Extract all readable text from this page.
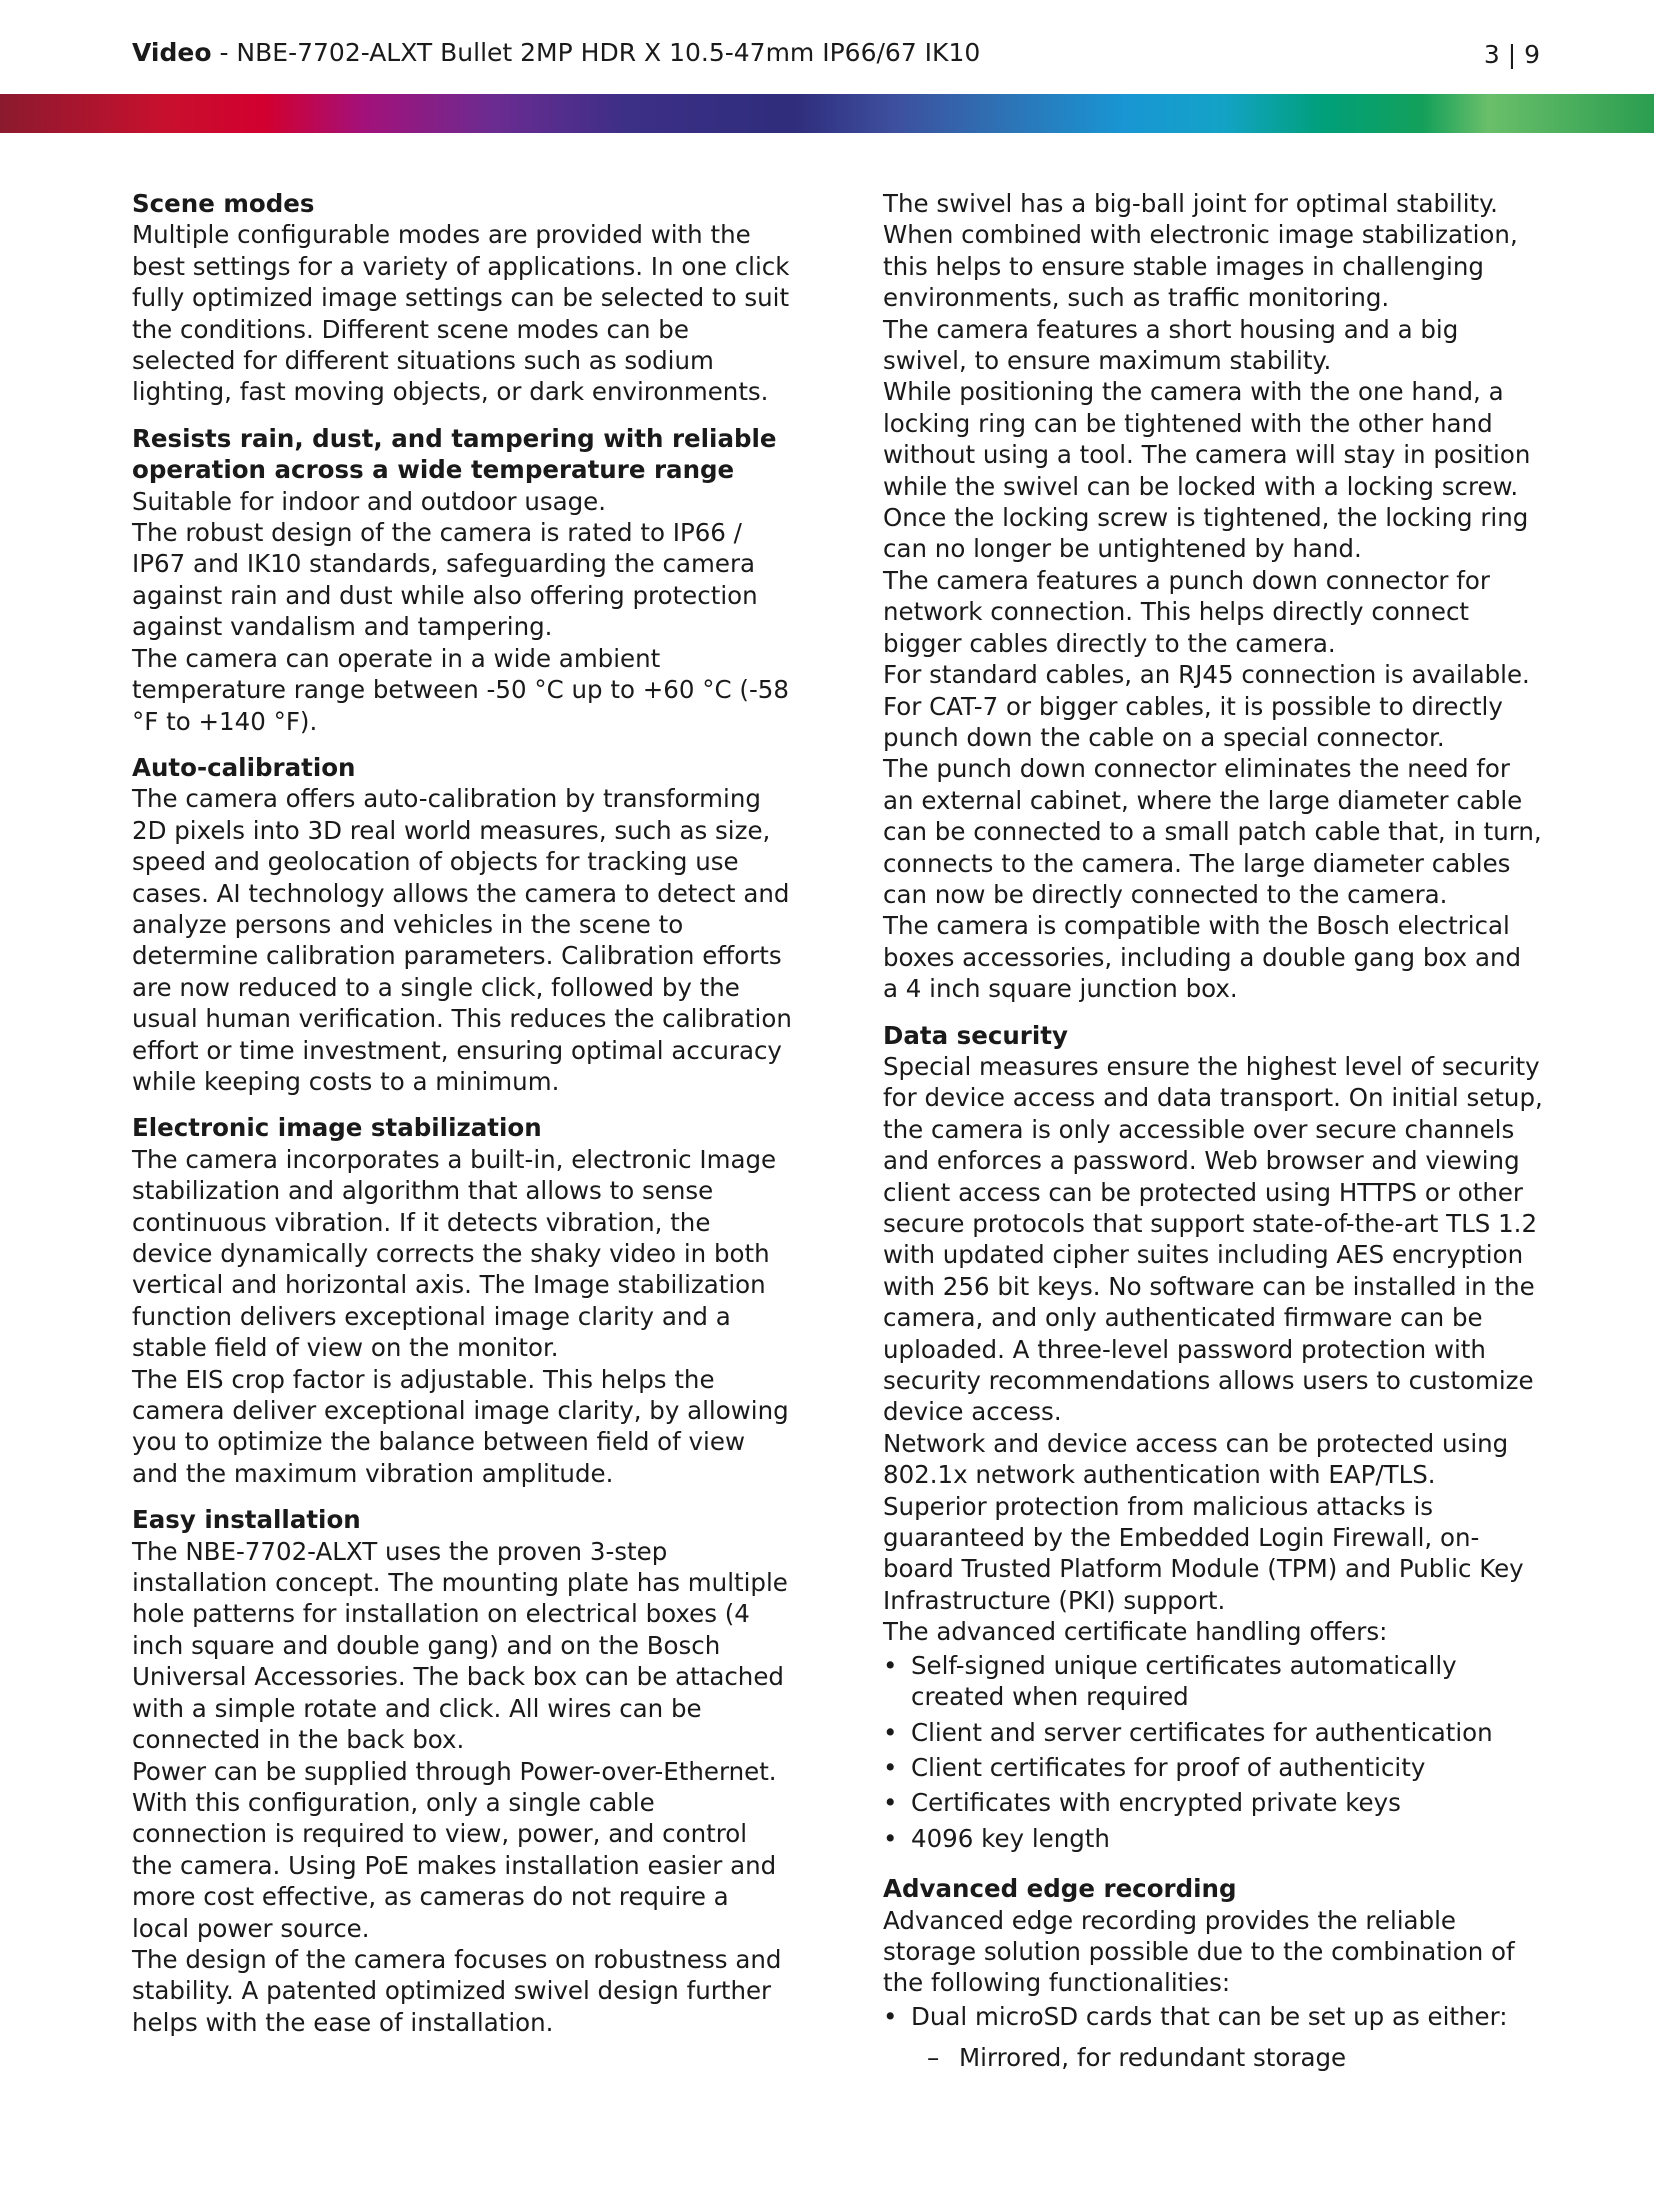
Video - NBE-7702-ALXT Bullet 2MP HDR X 10.5-47mm IP66/67 IK10	3 | 9
Scene modes

Multiple configurable modes are provided with the best settings for a variety of applications. In one click fully optimized image settings can be selected to suit the conditions. Different scene modes can be selected for different situations such as sodium lighting, fast moving objects, or dark environments.

Resists rain, dust, and tampering with reliable operation across a wide temperature range

Suitable for indoor and outdoor usage.

The robust design of the camera is rated to IP66 / IP67 and IK10 standards, safeguarding the camera against rain and dust while also offering protection against vandalism and tampering.

The camera can operate in a wide ambient temperature range between -50 °C up to +60 °C (-58 °F to +140 °F).

Auto-calibration

The camera offers auto-calibration by transforming 2D pixels into 3D real world measures, such as size, speed and geolocation of objects for tracking use cases. AI technology allows the camera to detect and analyze persons and vehicles in the scene to determine calibration parameters. Calibration efforts are now reduced to a single click, followed by the usual human verification. This reduces the calibration effort or time investment, ensuring optimal accuracy while keeping costs to a minimum.

Electronic image stabilization

The camera incorporates a built-in, electronic Image stabilization and algorithm that allows to sense continuous vibration. If it detects vibration, the device dynamically corrects the shaky video in both vertical and horizontal axis. The Image stabilization function delivers exceptional image clarity and a stable field of view on the monitor.

The EIS crop factor is adjustable. This helps the camera deliver exceptional image clarity, by allowing you to optimize the balance between field of view and the maximum vibration amplitude.

Easy installation

The NBE-7702-ALXT uses the proven 3-step installation concept. The mounting plate has multiple hole patterns for installation on electrical boxes (4 inch square and double gang) and on the Bosch Universal Accessories. The back box can be attached with a simple rotate and click. All wires can be connected in the back box.

Power can be supplied through Power-over-Ethernet. With this configuration, only a single cable connection is required to view, power, and control the camera. Using PoE makes installation easier and more cost effective, as cameras do not require a local power source.

The design of the camera focuses on robustness and stability. A patented optimized swivel design further helps with the ease of installation.

The swivel has a big-ball joint for optimal stability. When combined with electronic image stabilization, this helps to ensure stable images in challenging environments, such as traffic monitoring.

The camera features a short housing and a big swivel, to ensure maximum stability.

While positioning the camera with the one hand, a locking ring can be tightened with the other hand without using a tool. The camera will stay in position while the swivel can be locked with a locking screw. Once the locking screw is tightened, the locking ring can no longer be untightened by hand.

The camera features a punch down connector for network connection. This helps directly connect bigger cables directly to the camera.

For standard cables, an RJ45 connection is available. For CAT-7 or bigger cables, it is possible to directly punch down the cable on a special connector.

The punch down connector eliminates the need for an external cabinet, where the large diameter cable can be connected to a small patch cable that, in turn, connects to the camera. The large diameter cables can now be directly connected to the camera.

The camera is compatible with the Bosch electrical boxes accessories, including a double gang box and a 4 inch square junction box.

Data security

Special measures ensure the highest level of security for device access and data transport. On initial setup, the camera is only accessible over secure channels and enforces a password. Web browser and viewing client access can be protected using HTTPS or other secure protocols that support state-of-the-art TLS 1.2 with updated cipher suites including AES encryption with 256 bit keys. No software can be installed in the camera, and only authenticated firmware can be uploaded. A three-level password protection with security recommendations allows users to customize device access.

Network and device access can be protected using 802.1x network authentication with EAP/TLS.

Superior protection from malicious attacks is guaranteed by the Embedded Login Firewall, on-board Trusted Platform Module (TPM) and Public Key Infrastructure (PKI) support.

The advanced certificate handling offers:

• Self-signed unique certificates automatically created when required
• Client and server certificates for authentication
• Client certificates for proof of authenticity
• Certificates with encrypted private keys
• 4096 key length
Advanced edge recording

Advanced edge recording provides the reliable storage solution possible due to the combination of the following functionalities:

• Dual microSD cards that can be set up as either:
– Mirrored, for redundant storage
